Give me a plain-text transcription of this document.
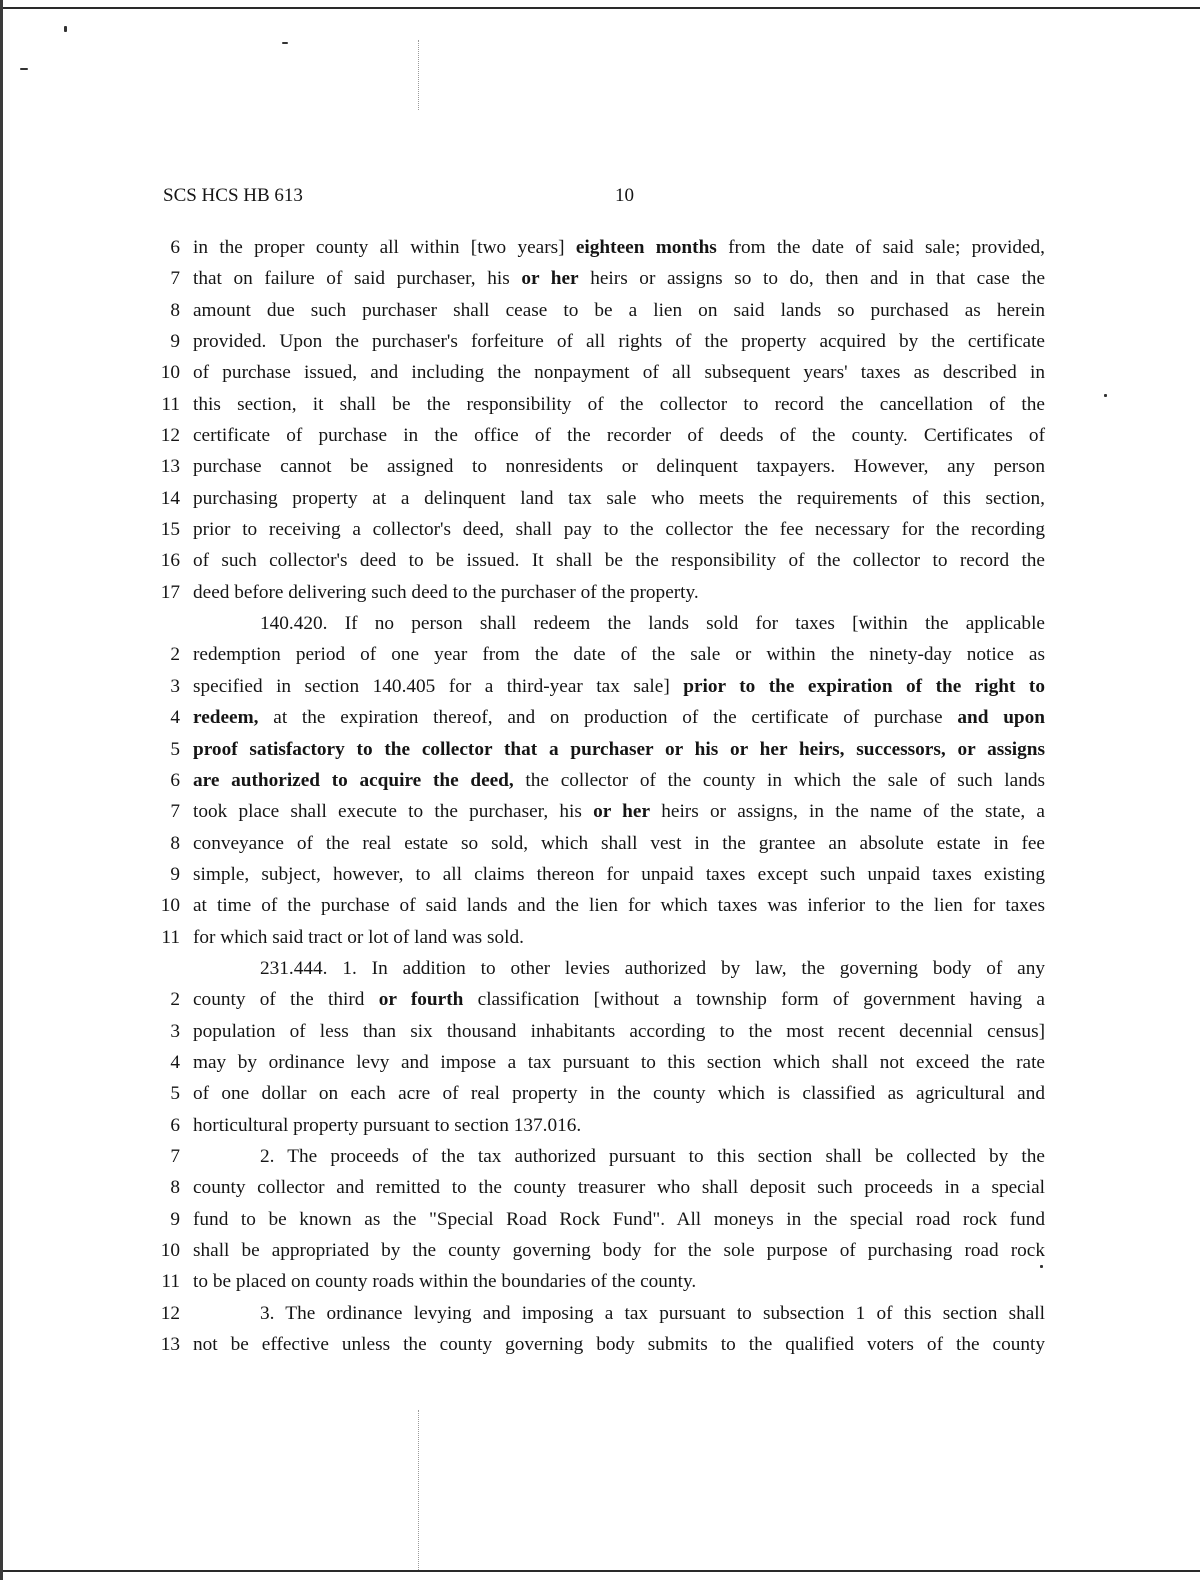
SCS HCS HB 613	10
6 in the proper county all within [two years] eighteen months from the date of said sale; provided,
7 that on failure of said purchaser, his or her heirs or assigns so to do, then and in that case the
8 amount due such purchaser shall cease to be a lien on said lands so purchased as herein
9 provided. Upon the purchaser's forfeiture of all rights of the property acquired by the certificate
10 of purchase issued, and including the nonpayment of all subsequent years' taxes as described in
11 this section, it shall be the responsibility of the collector to record the cancellation of the
12 certificate of purchase in the office of the recorder of deeds of the county. Certificates of
13 purchase cannot be assigned to nonresidents or delinquent taxpayers. However, any person
14 purchasing property at a delinquent land tax sale who meets the requirements of this section,
15 prior to receiving a collector's deed, shall pay to the collector the fee necessary for the recording
16 of such collector's deed to be issued. It shall be the responsibility of the collector to record the
17 deed before delivering such deed to the purchaser of the property.
140.420. If no person shall redeem the lands sold for taxes [within the applicable
2 redemption period of one year from the date of the sale or within the ninety-day notice as
3 specified in section 140.405 for a third-year tax sale] prior to the expiration of the right to
4 redeem, at the expiration thereof, and on production of the certificate of purchase and upon
5 proof satisfactory to the collector that a purchaser or his or her heirs, successors, or assigns
6 are authorized to acquire the deed, the collector of the county in which the sale of such lands
7 took place shall execute to the purchaser, his or her heirs or assigns, in the name of the state, a
8 conveyance of the real estate so sold, which shall vest in the grantee an absolute estate in fee
9 simple, subject, however, to all claims thereon for unpaid taxes except such unpaid taxes existing
10 at time of the purchase of said lands and the lien for which taxes was inferior to the lien for taxes
11 for which said tract or lot of land was sold.
231.444. 1. In addition to other levies authorized by law, the governing body of any
2 county of the third or fourth classification [without a township form of government having a
3 population of less than six thousand inhabitants according to the most recent decennial census]
4 may by ordinance levy and impose a tax pursuant to this section which shall not exceed the rate
5 of one dollar on each acre of real property in the county which is classified as agricultural and
6 horticultural property pursuant to section 137.016.
7	2. The proceeds of the tax authorized pursuant to this section shall be collected by the
8 county collector and remitted to the county treasurer who shall deposit such proceeds in a special
9 fund to be known as the "Special Road Rock Fund". All moneys in the special road rock fund
10 shall be appropriated by the county governing body for the sole purpose of purchasing road rock
11 to be placed on county roads within the boundaries of the county.
12	3. The ordinance levying and imposing a tax pursuant to subsection 1 of this section shall
13 not be effective unless the county governing body submits to the qualified voters of the county
